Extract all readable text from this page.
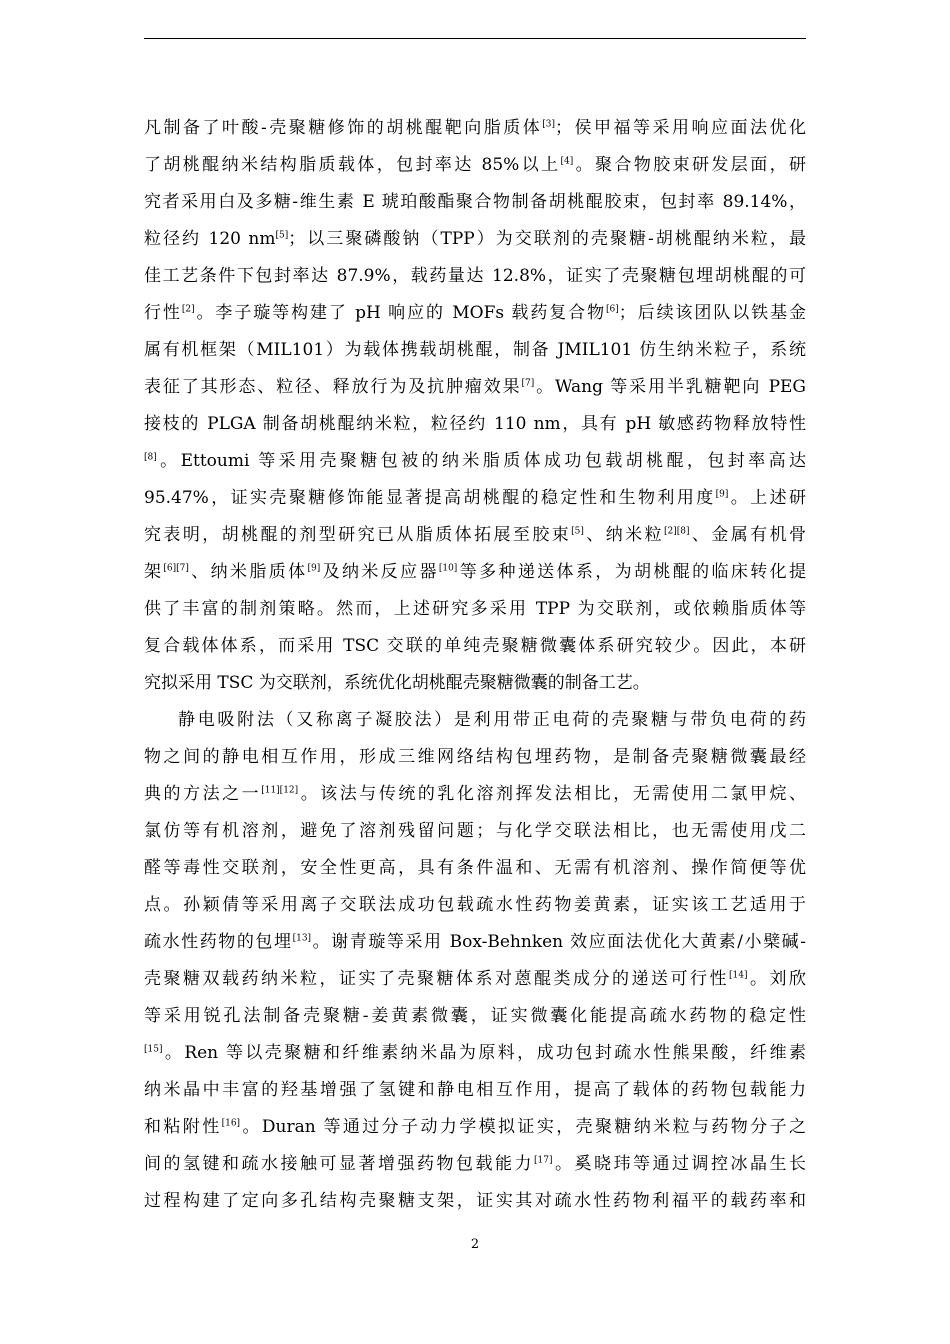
凡制备了叶酸-壳聚糖修饰的胡桃醌靶向脂质体[3]；侯甲福等采用响应面法优化
了胡桃醌纳米结构脂质载体，包封率达 85%以上[4]。聚合物胶束研发层面，研
究者采用白及多糖-维生素 E 琥珀酸酯聚合物制备胡桃醌胶束，包封率 89.14%，
粒径约 120 nm[5]；以三聚磷酸钠（TPP）为交联剂的壳聚糖-胡桃醌纳米粒，最
佳工艺条件下包封率达 87.9%，载药量达 12.8%，证实了壳聚糖包埋胡桃醌的可
行性[2]。李子璇等构建了 pH 响应的 MOFs 载药复合物[6]；后续该团队以铁基金
属有机框架（MIL101）为载体携载胡桃醌，制备 JMIL101 仿生纳米粒子，系统
表征了其形态、粒径、释放行为及抗肿瘤效果[7]。Wang 等采用半乳糖靶向 PEG
接枝的 PLGA 制备胡桃醌纳米粒，粒径约 110 nm，具有 pH 敏感药物释放特性
[8]。Ettoumi 等采用壳聚糖包被的纳米脂质体成功包载胡桃醌，包封率高达
95.47%，证实壳聚糖修饰能显著提高胡桃醌的稳定性和生物利用度[9]。上述研
究表明，胡桃醌的剂型研究已从脂质体拓展至胶束[5]、纳米粒[2][8]、金属有机骨
架[6][7]、纳米脂质体[9]及纳米反应器[10]等多种递送体系，为胡桃醌的临床转化提
供了丰富的制剂策略。然而，上述研究多采用 TPP 为交联剂，或依赖脂质体等
复合载体体系，而采用 TSC 交联的单纯壳聚糖微囊体系研究较少。因此，本研
究拟采用 TSC 为交联剂，系统优化胡桃醌壳聚糖微囊的制备工艺。
静电吸附法（又称离子凝胶法）是利用带正电荷的壳聚糖与带负电荷的药
物之间的静电相互作用，形成三维网络结构包埋药物，是制备壳聚糖微囊最经
典的方法之一[11][12]。该法与传统的乳化溶剂挥发法相比，无需使用二氯甲烷、
氯仿等有机溶剂，避免了溶剂残留问题；与化学交联法相比，也无需使用戊二
醛等毒性交联剂，安全性更高，具有条件温和、无需有机溶剂、操作简便等优
点。孙颖倩等采用离子交联法成功包载疏水性药物姜黄素，证实该工艺适用于
疏水性药物的包埋[13]。谢青璇等采用 Box-Behnken 效应面法优化大黄素/小檗碱-
壳聚糖双载药纳米粒，证实了壳聚糖体系对蒽醌类成分的递送可行性[14]。刘欣
等采用锐孔法制备壳聚糖-姜黄素微囊，证实微囊化能提高疏水药物的稳定性
[15]。Ren 等以壳聚糖和纤维素纳米晶为原料，成功包封疏水性熊果酸，纤维素
纳米晶中丰富的羟基增强了氢键和静电相互作用，提高了载体的药物包载能力
和粘附性[16]。Duran 等通过分子动力学模拟证实，壳聚糖纳米粒与药物分子之
间的氢键和疏水接触可显著增强药物包载能力[17]。奚晓玮等通过调控冰晶生长
过程构建了定向多孔结构壳聚糖支架，证实其对疏水性药物利福平的载药率和
2
